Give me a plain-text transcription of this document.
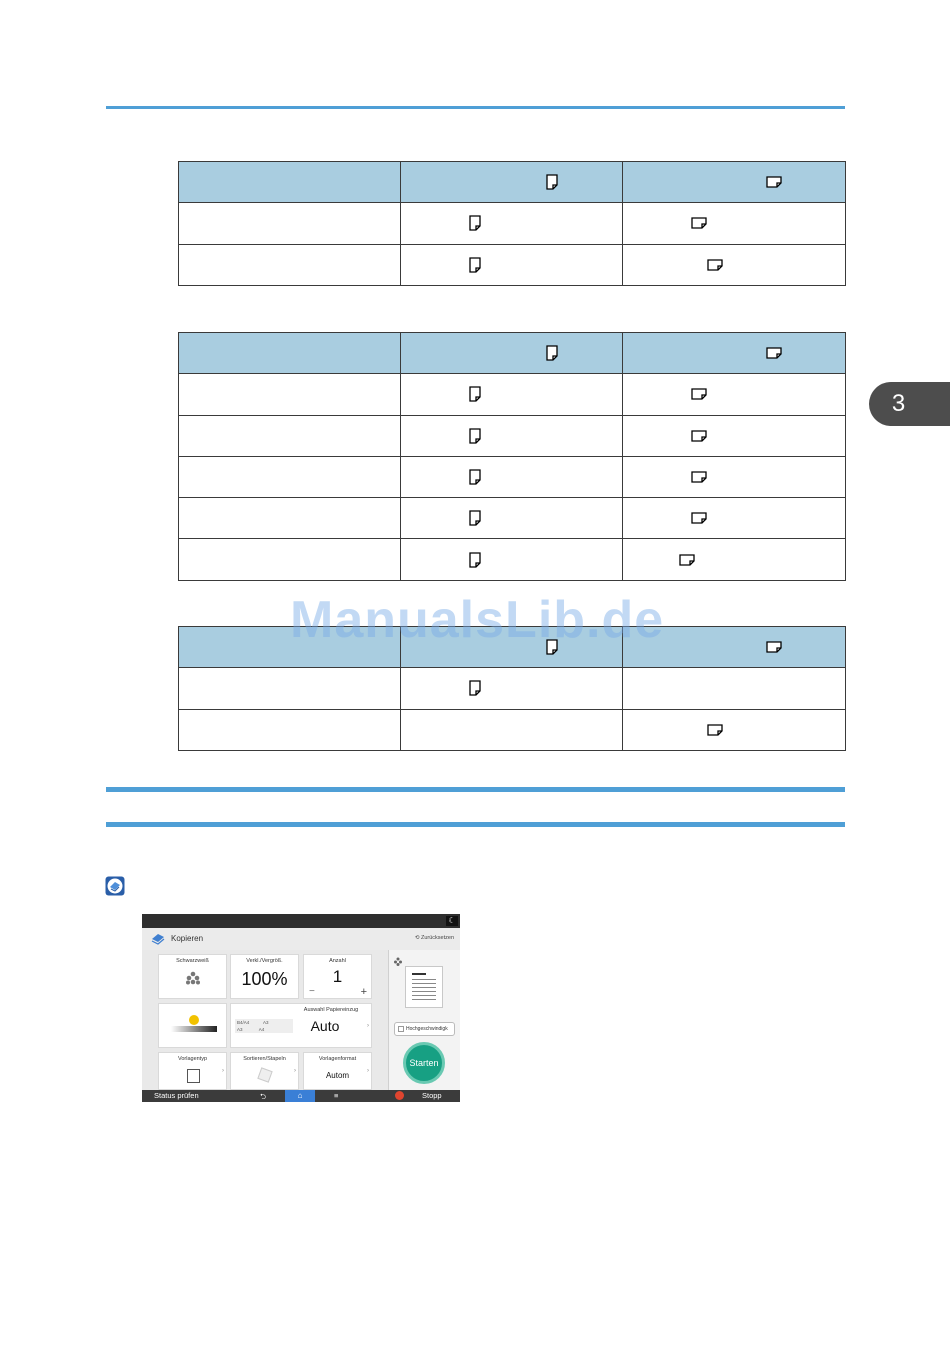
3

ManualsLib.de
☾
Kopieren	⟲ Zurücksetzen
Schwarzweiß	Verkl./Vergröß.
100%
Anzahl
1
−	+
Auswahl Papiereinzug
B4/A4	A3
A3	A4	Auto	›
Vorlagentyp
›
Sortieren/Stapeln
›
Vorlagenformat
Autom	›
Hochgeschwindigk
Starten
Status prüfen	⮌	⌂	≡	Stopp
